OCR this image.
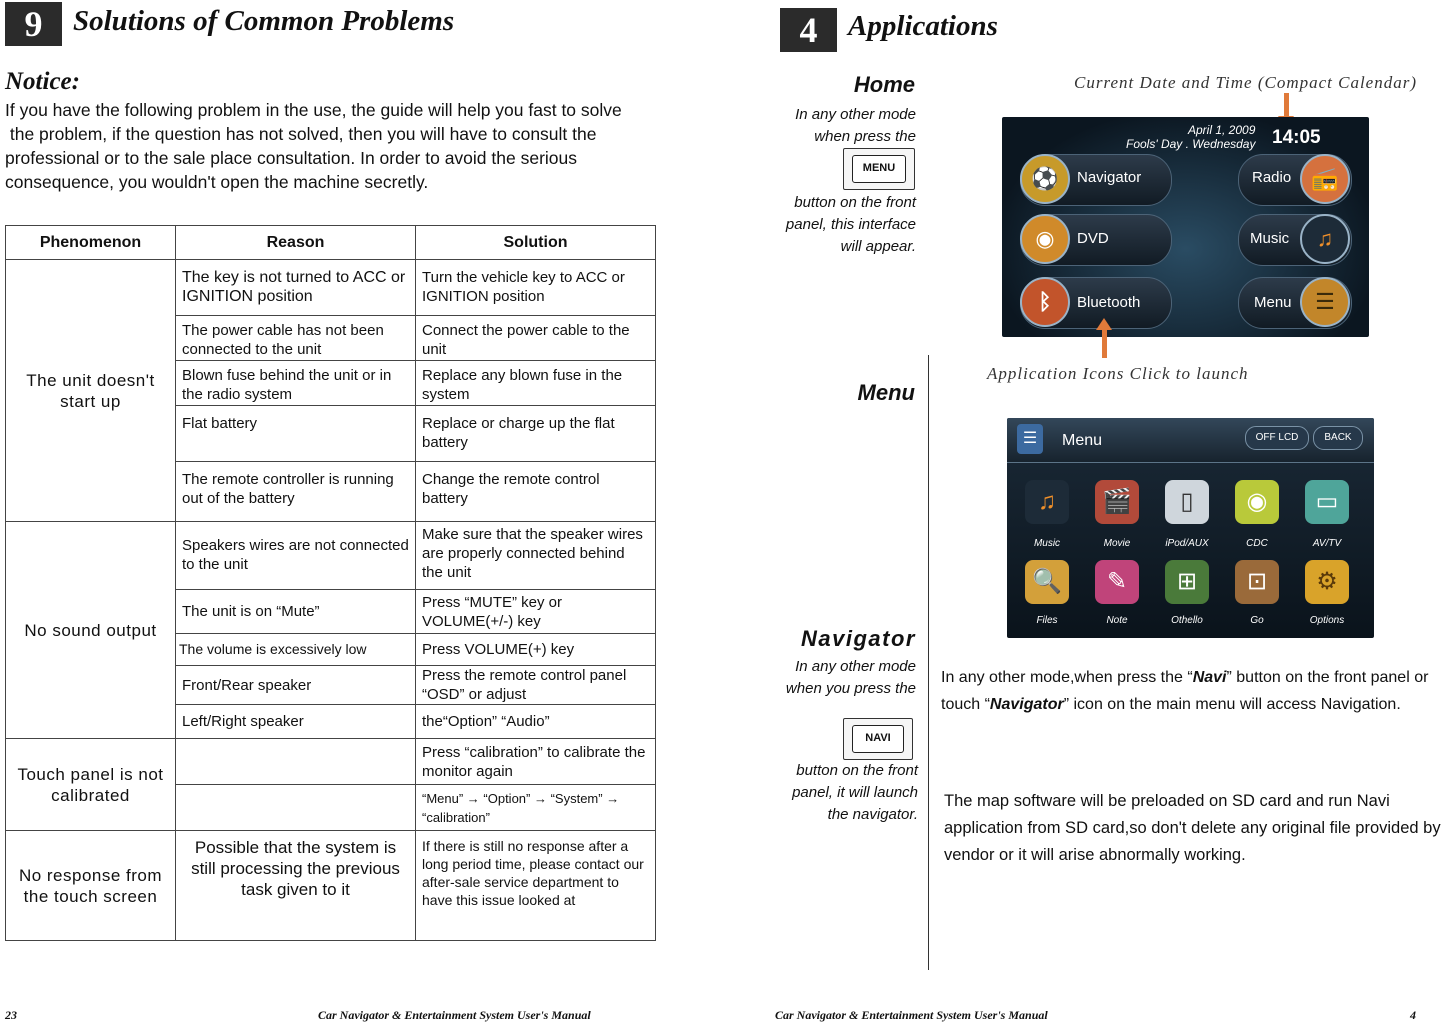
9	Solutions of Common Problems
Notice:
If you have the following problem in the use, the guide will help you fast to solve
the problem, if the question has not solved, then you will have to consult the
professional or to the sale place consultation. In order to avoid the serious
consequence, you wouldn't open the machine secretly.
Phenomenon	Reason	Solution
The unit doesn't start up	The key is not turned to ACC or IGNITION position	Turn the vehicle key to ACC or IGNITION position
	The power cable has not been connected to the unit	Connect the power cable to the unit
	Blown fuse behind the unit or in the radio system	Replace any blown fuse in the system
	Flat battery	Replace or charge up the flat battery
	The remote controller is running out of the battery	Change the remote control battery
No sound output	Speakers wires are not connected to the unit	Make sure that the speaker wires are properly connected behind the unit
	The unit is on “Mute”	Press “MUTE” key or VOLUME(+/-) key
	The volume is excessively low	Press VOLUME(+) key
	Front/Rear speaker	Press the remote control panel “OSD” or adjust
	Left/Right speaker	the“Option” “Audio”
Touch panel is not calibrated		Press “calibration” to calibrate the monitor again
		“Menu” → “Option” → “System” → “calibration”
No response from the touch screen	Possible that the system is still processing the previous task given to it	If there is still no response after a long period time, please contact our after-sale service department to have this issue looked at
23	Car Navigator & Entertainment System User's Manual
4	Applications
Home
In any other mode when press the
MENU
button on the front panel, this interface will appear.
Current Date and Time (Compact Calendar)
April 1, 2009
Fools' Day . Wednesday 14:05
⚽	Navigator	📻
Radio
◉	DVD	♫
Music
ᛒ	Bluetooth	☰
Menu
Application Icons Click to launch
Menu
☰	Menu	OFF LCD	BACK
♫
Music
🎬
Movie
▯
iPod/AUX
◉
CDC
▭
AV/TV
🔍
Files
✎
Note
⊞
Othello
⊡
Go
⚙
Options
Navigator
In any other mode when you press the
NAVI
button on the front panel, it will launch the navigator.
In any other mode,when press the “Navi” button on the front panel or touch “Navigator” icon on the main menu will access Navigation.
The map software will be preloaded on SD card and run Navi application from SD card,so don't delete any original file provided by vendor or it will arise abnormally working.
Car Navigator & Entertainment System User's Manual	4
